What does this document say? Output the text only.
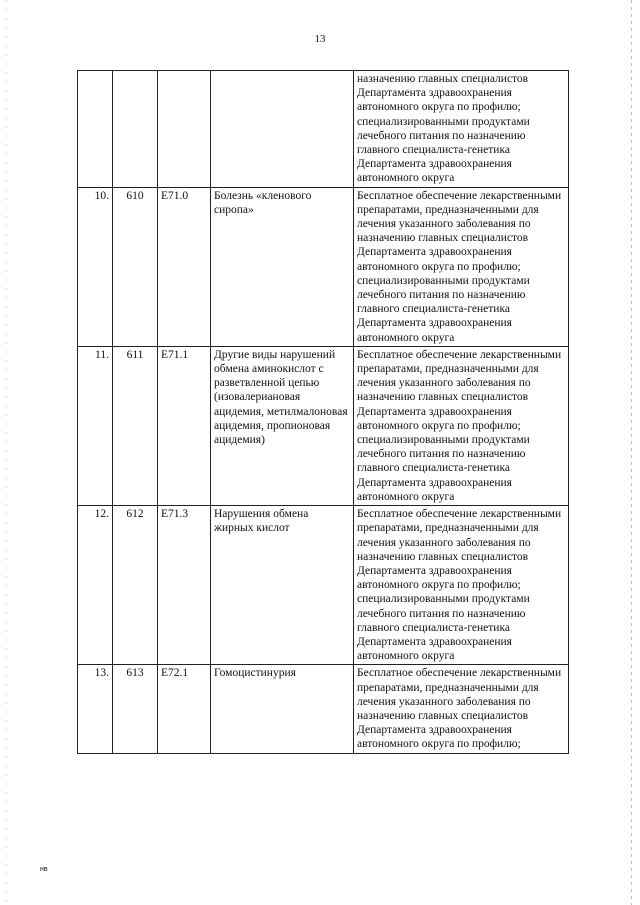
13
				назначению главных специалистов Департамента здравоохранения автономного округа по профилю; специализированными продуктами лечебного питания по назначению главного специалиста-генетика Департамента здравоохранения автономного округа
10.	610	E71.0	Болезнь «кленового сиропа»	Бесплатное обеспечение лекарственными препаратами, предназначенными для лечения указанного заболевания по назначению главных специалистов Департамента здравоохранения автономного округа по профилю; специализированными продуктами лечебного питания по назначению главного специалиста-генетика Департамента здравоохранения автономного округа
11.	611	E71.1	Другие виды нарушений обмена аминокислот с разветвленной цепью (изовалериановая ацидемия, метилмалоновая ацидемия, пропионовая ацидемия)	Бесплатное обеспечение лекарственными препаратами, предназначенными для лечения указанного заболевания по назначению главных специалистов Департамента здравоохранения автономного округа по профилю; специализированными продуктами лечебного питания по назначению главного специалиста-генетика Департамента здравоохранения автономного округа
12.	612	E71.3	Нарушения обмена жирных кислот	Бесплатное обеспечение лекарственными препаратами, предназначенными для лечения указанного заболевания по назначению главных специалистов Департамента здравоохранения автономного округа по профилю; специализированными продуктами лечебного питания по назначению главного специалиста-генетика Департамента здравоохранения автономного округа
13.	613	E72.1	Гомоцистинурия	Бесплатное обеспечение лекарственными препаратами, предназначенными для лечения указанного заболевания по назначению главных специалистов Департамента здравоохранения автономного округа по профилю;
нв
